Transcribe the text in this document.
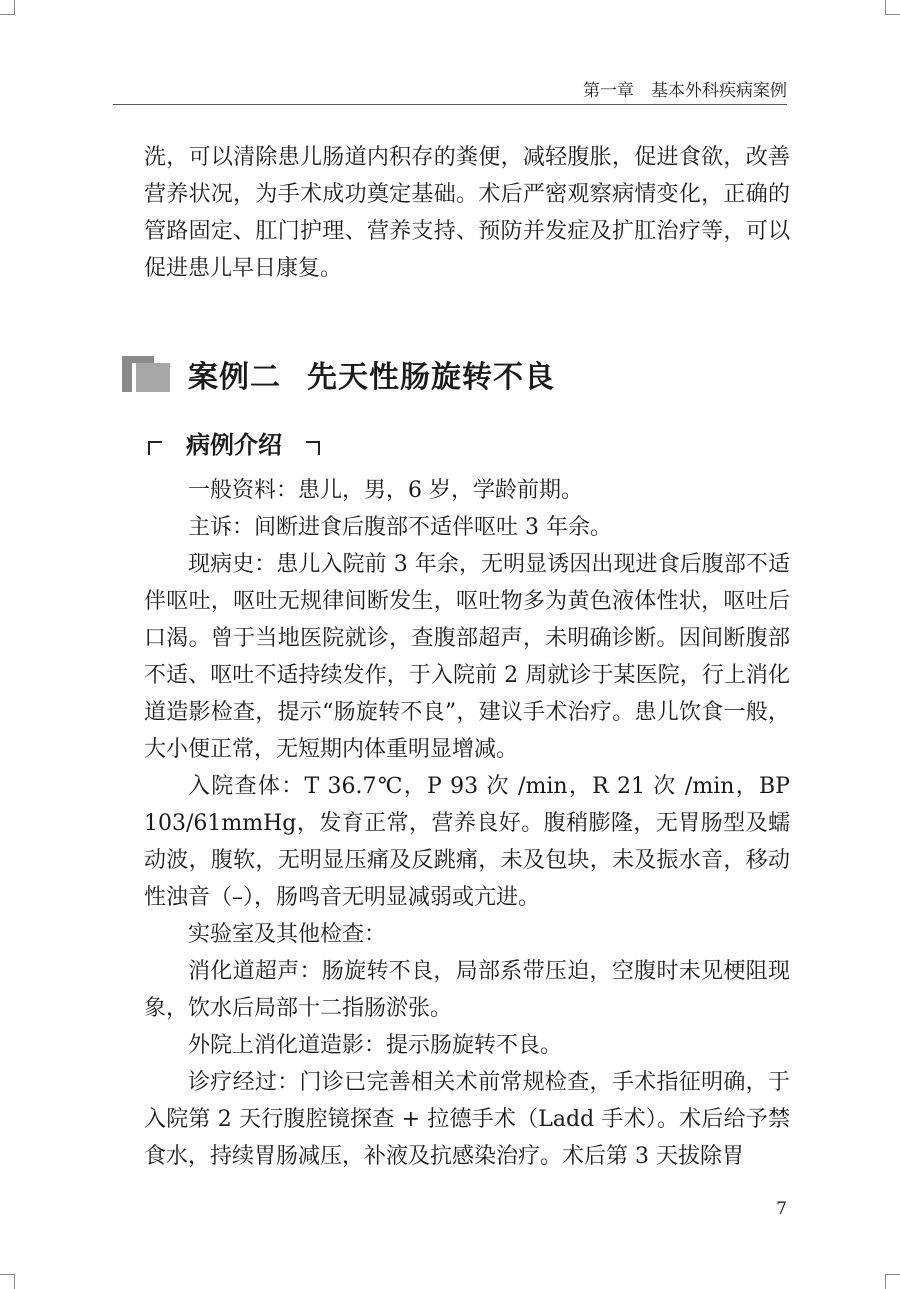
第一章　基本外科疾病案例

洗，可以清除患儿肠道内积存的粪便，减轻腹胀，促进食欲，改善营养状况，为手术成功奠定基础。术后严密观察病情变化，正确的管路固定、肛门护理、营养支持、预防并发症及扩肛治疗等，可以促进患儿早日康复。

案例二 先天性肠旋转不良
病例介绍

一般资料：患儿，男，6 岁，学龄前期。

主诉：间断进食后腹部不适伴呕吐 3 年余。

现病史：患儿入院前 3 年余，无明显诱因出现进食后腹部不适伴呕吐，呕吐无规律间断发生，呕吐物多为黄色液体性状，呕吐后口渴。曾于当地医院就诊，查腹部超声，未明确诊断。因间断腹部不适、呕吐不适持续发作，于入院前 2 周就诊于某医院，行上消化道造影检查，提示“肠旋转不良”，建议手术治疗。患儿饮食一般，大小便正常，无短期内体重明显增减。

入院查体：T 36.7℃，P 93 次 /min，R 21 次 /min，BP 103/61mmHg，发育正常，营养良好。腹稍膨隆，无胃肠型及蠕动波，腹软，无明显压痛及反跳痛，未及包块，未及振水音，移动性浊音（–），肠鸣音无明显减弱或亢进。

实验室及其他检查：

消化道超声：肠旋转不良，局部系带压迫，空腹时未见梗阻现象，饮水后局部十二指肠淤张。

外院上消化道造影：提示肠旋转不良。

诊疗经过：门诊已完善相关术前常规检查，手术指征明确，于入院第 2 天行腹腔镜探查 + 拉德手术（Ladd 手术）。术后给予禁食水，持续胃肠减压，补液及抗感染治疗。术后第 3 天拔除胃

7
